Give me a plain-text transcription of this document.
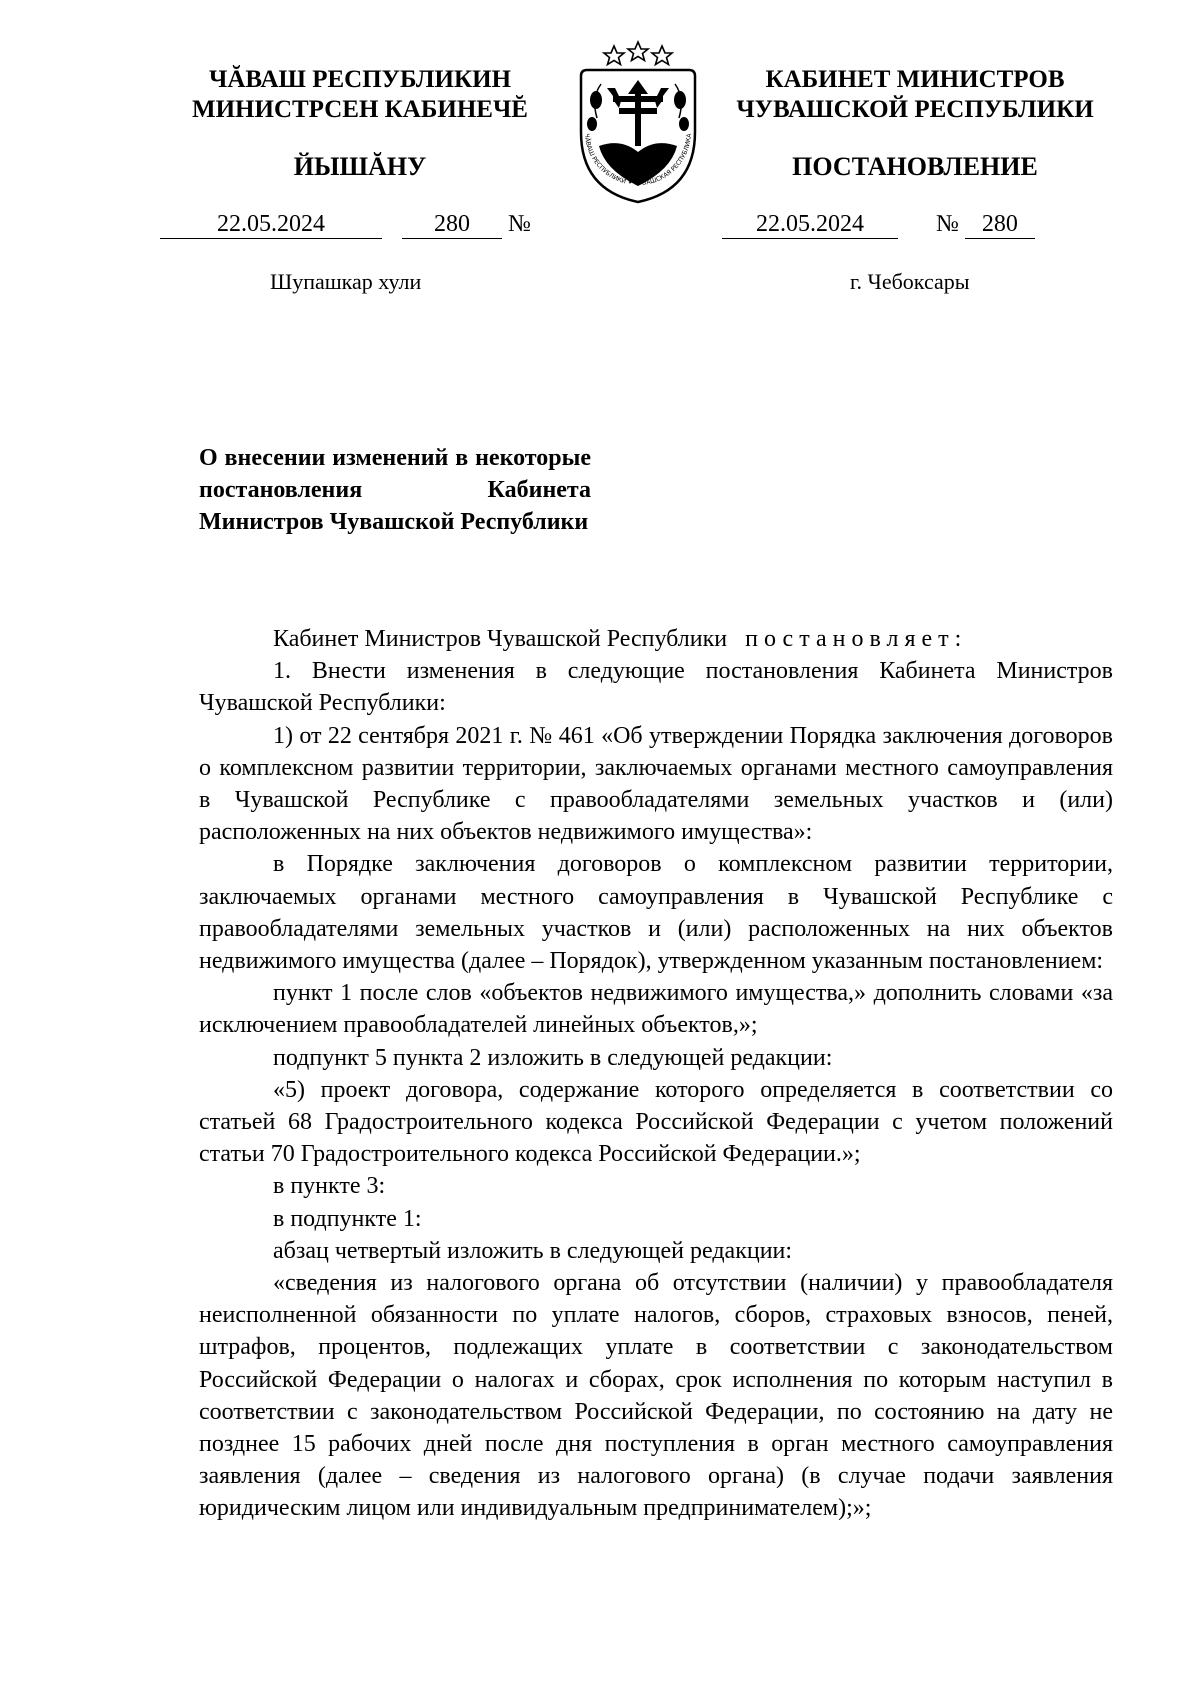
ЧĂВАШ РЕСПУБЛИКИН
МИНИСТРСЕН КАБИНЕЧĔ
ЙЫШĂНУ
КАБИНЕТ МИНИСТРОВ
ЧУВАШСКОЙ РЕСПУБЛИКИ
ПОСТАНОВЛЕНИЕ
ЧĂВАШ РЕСПУБЛИКИ ✦ ЧУВАШСКАЯ РЕСПУБЛИКА
22.05.2024	280 №	22.05.2024	№ 280
Шупашкар хули	г. Чебоксары
О внесении изменений в некоторые постановления Кабинета Министров Чувашской Республики

Кабинет Министров Чувашской Республики постановляет:

1. Внести изменения в следующие постановления Кабинета Министров Чувашской Республики:

1) от 22 сентября 2021 г. № 461 «Об утверждении Порядка заключения договоров о комплексном развитии территории, заключаемых органами местного самоуправления в Чувашской Республике с правообладателями земельных участков и (или) расположенных на них объектов недвижимого имущества»:

в Порядке заключения договоров о комплексном развитии территории, заключаемых органами местного самоуправления в Чувашской Республике с правообладателями земельных участков и (или) расположенных на них объектов недвижимого имущества (далее – Порядок), утвержденном указанным постановлением:

пункт 1 после слов «объектов недвижимого имущества,» дополнить словами «за исключением правообладателей линейных объектов,»;

подпункт 5 пункта 2 изложить в следующей редакции:

«5) проект договора, содержание которого определяется в соответствии со статьей 68 Градостроительного кодекса Российской Федерации с учетом положений статьи 70 Градостроительного кодекса Российской Федерации.»;

в пункте 3:

в подпункте 1:

абзац четвертый изложить в следующей редакции:

«сведения из налогового органа об отсутствии (наличии) у правообладателя неисполненной обязанности по уплате налогов, сборов, страховых взносов, пеней, штрафов, процентов, подлежащих уплате в соответствии с законодательством Российской Федерации о налогах и сборах, срок исполнения по которым наступил в соответствии с законодательством Российской Федерации, по состоянию на дату не позднее 15 рабочих дней после дня поступления в орган местного самоуправления заявления (далее – сведения из налогового органа) (в случае подачи заявления юридическим лицом или индивидуальным предпринимателем);»;
